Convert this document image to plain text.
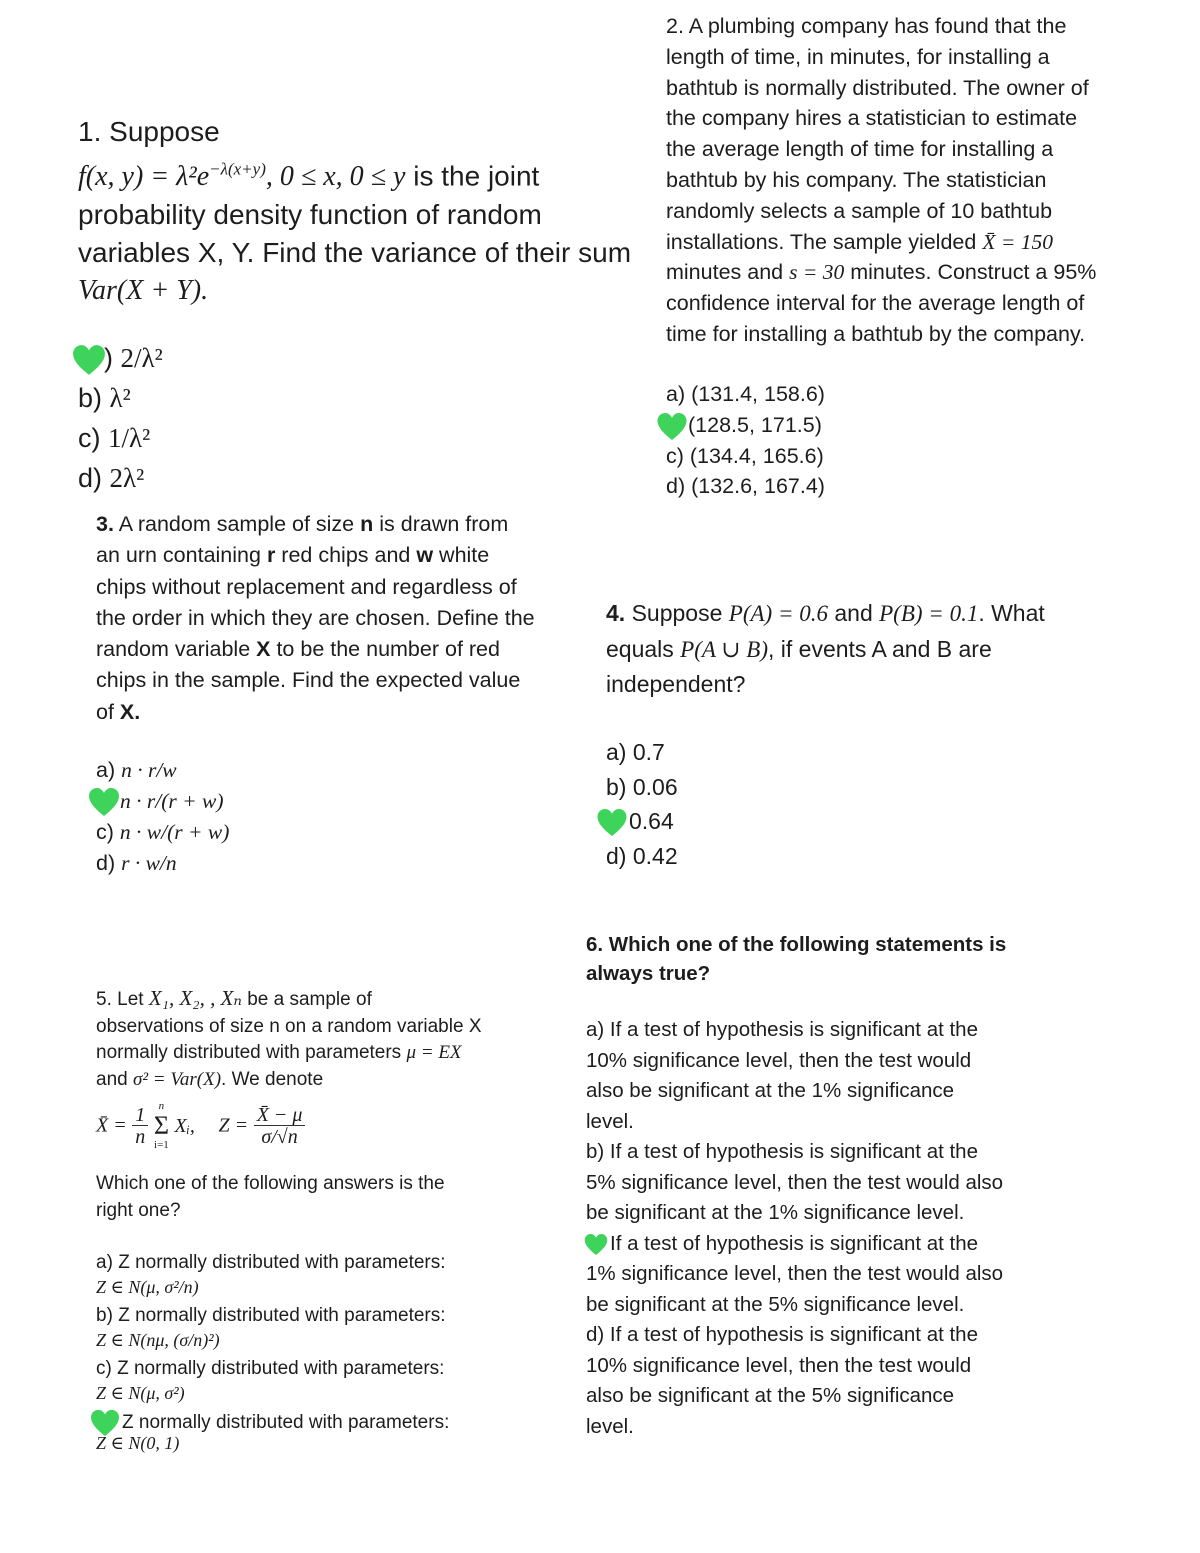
1. Suppose
f(x, $y) = \lambda^2e^{-\lambda(x+y)}$, 0 ≤ x, 0 ≤ y is the joint
probability density function of random
variables X, Y. Find the variance of their sum
Var(X + Y).
) 2/λ²
b) λ²
c) 1/λ²
d) 2λ²
2. A plumbing company has found that the
length of time, in minutes, for installing a
bathtub is normally distributed. The owner of
the company hires a statistician to estimate
the average length of time for installing a
bathtub by his company. The statistician
randomly selects a sample of 10 bathtub
installations. The sample yielded X̄ = 150
minutes and s = 30 minutes. Construct a 95%
confidence interval for the average length of
time for installing a bathtub by the company.
a) (131.4, 158.6)
(128.5, 171.5)
c) (134.4, 165.6)
d) (132.6, 167.4)
3. A random sample of size n is drawn from
an urn containing r red chips and w white
chips without replacement and regardless of
the order in which they are chosen. Define the
random variable X to be the number of red
chips in the sample. Find the expected value
of X.
a) n · r/w
n · r/(r + w)
c) n · w/(r + w)
d) r · w/n
4. Suppose P(A) = 0.6 and P(B) = 0.1. What
equals P(A ∪ B), if events A and B are
independent?
a) 0.7
b) 0.06
0.64
d) 0.42
5. Let X₁, X₂, , Xₙ be a sample of
observations of size n on a random variable X
normally distributed with parameters μ = EX
and σ² = Var(X). We denote
X̄ = $\frac{1}{n}$
n
Σ
i=1
Xᵢ, $Z = \frac{X̄ - \mu}{\sigma/√n}$
Which one of the following answers is the
right one?
a) Z normally distributed with parameters:
Z ∈ N(μ, σ²/n)
b) Z normally distributed with parameters:
Z ∈ N(nμ, (σ/n)²)
c) Z normally distributed with parameters:
Z ∈ N(μ, σ²)
Z normally distributed with parameters:
Z ∈ N(0, 1)
6. Which one of the following statements is
always true?
a) If a test of hypothesis is significant at the
10% significance level, then the test would
also be significant at the 1% significance
level.
b) If a test of hypothesis is significant at the
5% significance level, then the test would also
be significant at the 1% significance level.
If a test of hypothesis is significant at the
1% significance level, then the test would also
be significant at the 5% significance level.
d) If a test of hypothesis is significant at the
10% significance level, then the test would
also be significant at the 5% significance
level.
